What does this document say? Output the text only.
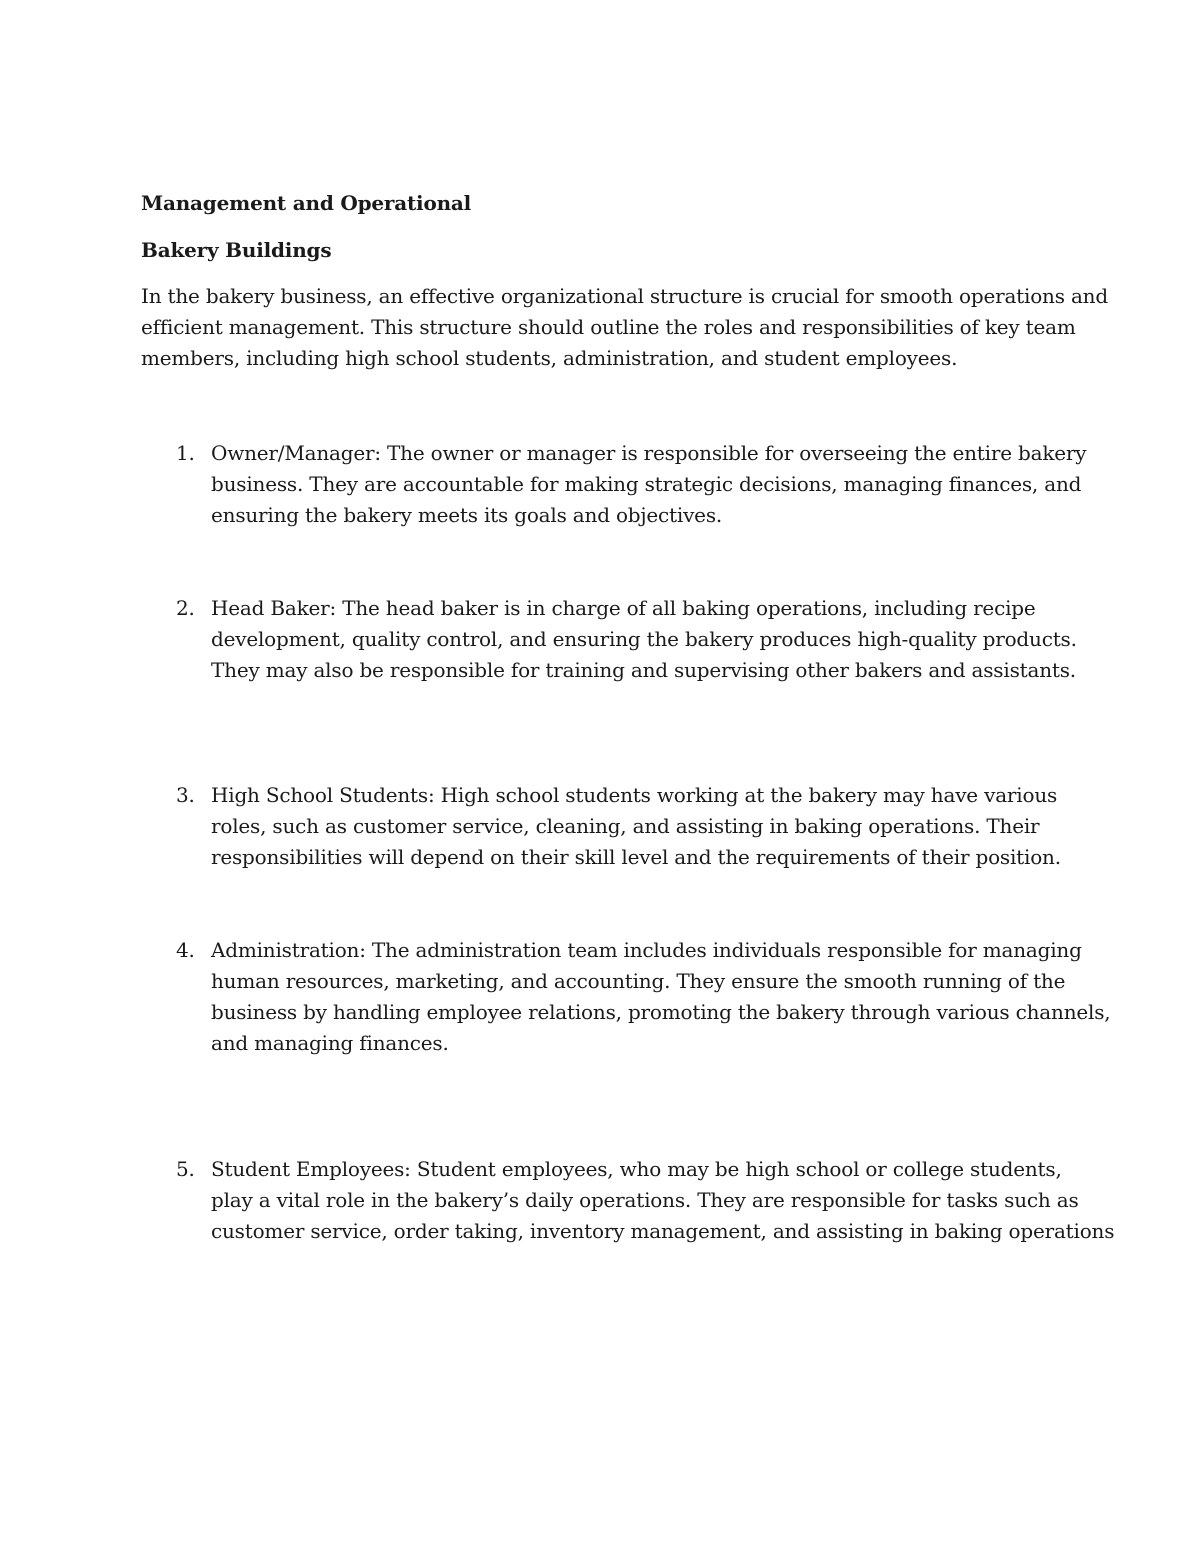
Management and Operational
Bakery Buildings
In the bakery business, an effective organizational structure is crucial for smooth operations and
efficient management. This structure should outline the roles and responsibilities of key team
members, including high school students, administration, and student employees.
1. Owner/Manager: The owner or manager is responsible for overseeing the entire bakery
business. They are accountable for making strategic decisions, managing finances, and
ensuring the bakery meets its goals and objectives.
2. Head Baker: The head baker is in charge of all baking operations, including recipe
development, quality control, and ensuring the bakery produces high-quality products.
They may also be responsible for training and supervising other bakers and assistants.
3. High School Students: High school students working at the bakery may have various
roles, such as customer service, cleaning, and assisting in baking operations. Their
responsibilities will depend on their skill level and the requirements of their position.
4. Administration: The administration team includes individuals responsible for managing
human resources, marketing, and accounting. They ensure the smooth running of the
business by handling employee relations, promoting the bakery through various channels,
and managing finances.
5. Student Employees: Student employees, who may be high school or college students,
play a vital role in the bakery’s daily operations. They are responsible for tasks such as
customer service, order taking, inventory management, and assisting in baking operations
